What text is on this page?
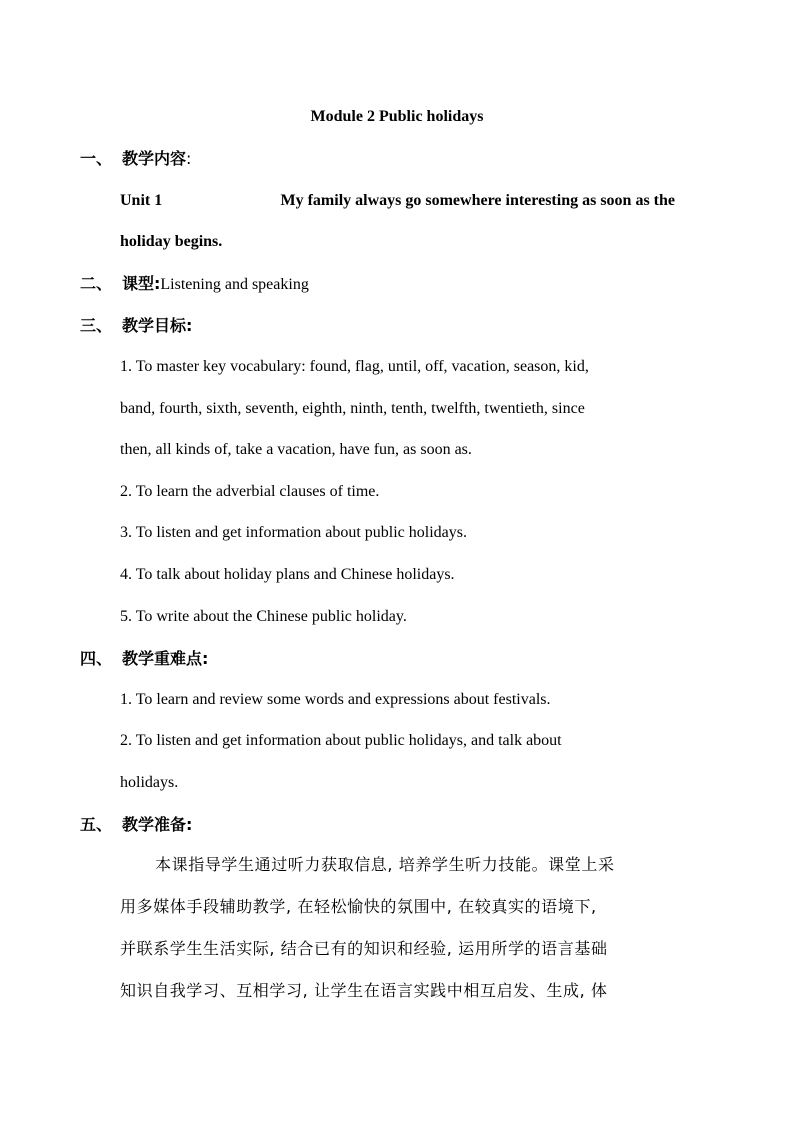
Module 2 Public holidays
一、 教学内容:
Unit 1	My family always go somewhere interesting as soon as the
holiday begins.
二、 课型:Listening and speaking
三、 教学目标:
1. To master key vocabulary: found, flag, until, off, vacation, season, kid,
band, fourth, sixth, seventh, eighth, ninth, tenth, twelfth, twentieth, since
then, all kinds of, take a vacation, have fun, as soon as.
2. To learn the adverbial clauses of time.
3. To listen and get information about public holidays.
4. To talk about holiday plans and Chinese holidays.
5. To write about the Chinese public holiday.
四、 教学重难点:
1. To learn and review some words and expressions about festivals.
2. To listen and get information about public holidays, and talk about
holidays.
五、 教学准备:
本课指导学生通过听力获取信息, 培养学生听力技能。课堂上采
用多媒体手段辅助教学, 在轻松愉快的氛围中, 在较真实的语境下,
并联系学生生活实际, 结合已有的知识和经验, 运用所学的语言基础
知识自我学习、互相学习, 让学生在语言实践中相互启发、生成, 体
